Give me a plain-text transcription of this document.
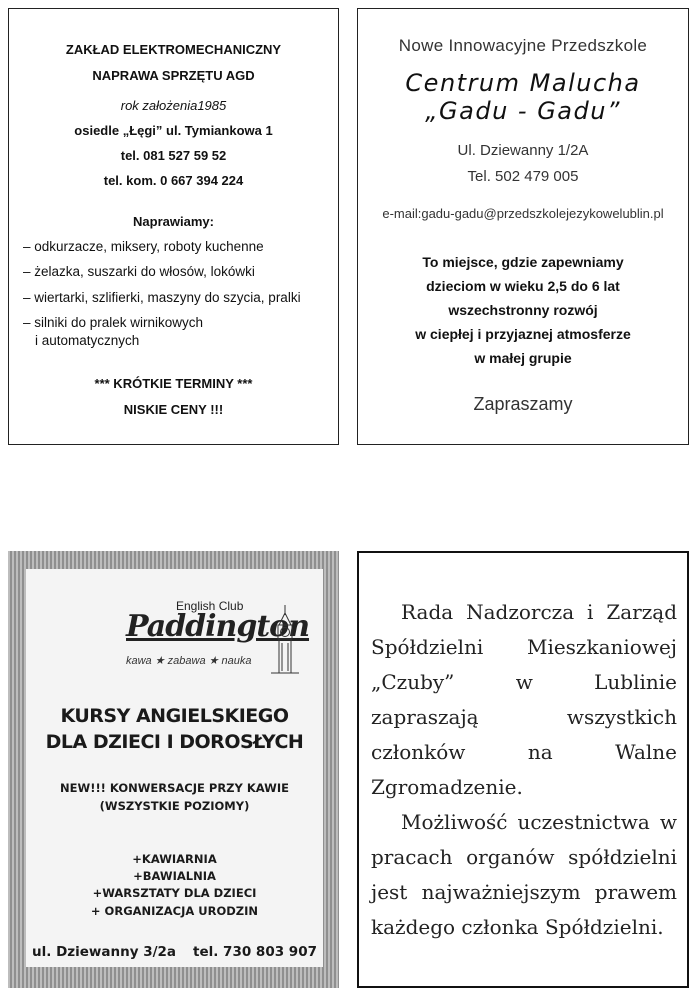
ZAKŁAD ELEKTROMECHANICZNY
NAPRAWA SPRZĘTU AGD
rok założenia1985
osiedle „Łęgi” ul. Tymiankowa 1
tel. 081 527 59 52
tel. kom. 0 667 394 224
Naprawiamy:
– odkurzacze, miksery, roboty kuchenne
– żelazka, suszarki do włosów, lokówki
– wiertarki, szlifierki, maszyny do szycia, pralki
– silniki do pralek wirnikowych
i automatycznych
*** KRÓTKIE TERMINY ***
NISKIE CENY !!!
Nowe Innowacyjne Przedszkole
Centrum Malucha
„Gadu - Gadu”
Ul. Dziewanny 1/2A
Tel. 502 479 005
e-mail:gadu-gadu@przedszkolejezykowelublin.pl
To miejsce, gdzie zapewniamy
dzieciom w wieku 2,5 do 6 lat
wszechstronny rozwój
w ciepłej i przyjaznej atmosferze
w małej grupie
Zapraszamy
English Club
Paddington
kawa ★ zabawa ★ nauka
KURSY ANGIELSKIEGO
DLA DZIECI I DOROSŁYCH
NEW!!! KONWERSACJE PRZY KAWIE
(WSZYSTKIE POZIOMY)
+KAWIARNIA
+BAWIALNIA
+WARSZTATY DLA DZIECI
+ ORGANIZACJA URODZIN
ul. Dziewanny 3/2a tel. 730 803 907
Rada Nadzorcza i Zarząd Spółdzielni Mieszkaniowej „Czuby” w Lublinie zapraszają wszystkich członków na Walne Zgromadzenie.
Możliwość uczestnictwa w pracach organów spółdzielni jest najważniejszym prawem każdego członka Spółdzielni.
